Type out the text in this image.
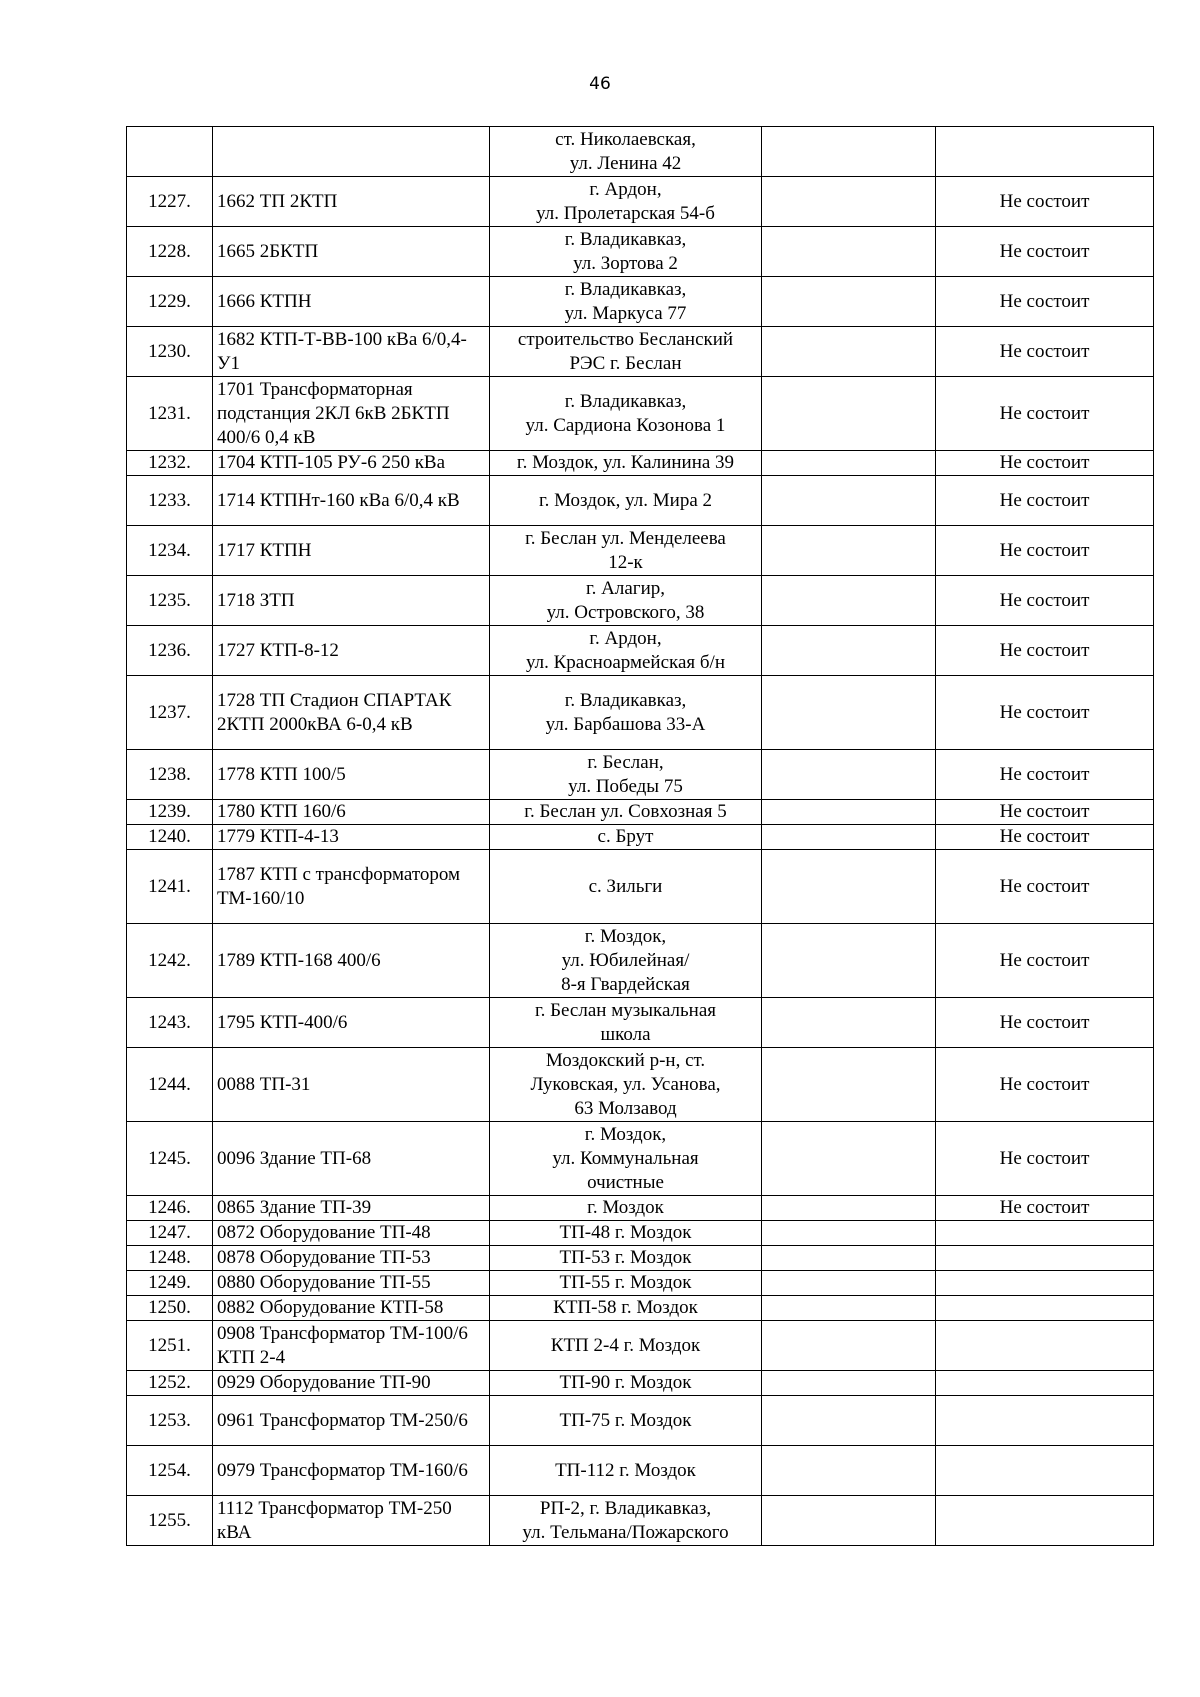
46
		ст. Николаевская,
ул. Ленина 42		
1227.	1662 ТП 2КТП	г. Ардон,
ул. Пролетарская 54-б		Не состоит
1228.	1665 2БКТП	г. Владикавказ,
ул. Зортова 2		Не состоит
1229.	1666 КТПН	г. Владикавказ,
ул. Маркуса 77		Не состоит
1230.	1682 КТП-Т-ВВ-100 кВа 6/0,4-У1	строительство Бесланский
РЭС г. Беслан		Не состоит
1231.	1701 Трансформаторная подстанция 2КЛ 6кВ 2БКТП 400/6 0,4 кВ	г. Владикавказ,
ул. Сардиона Козонова 1		Не состоит
1232.	1704 КТП-105 РУ-6 250 кВа	г. Моздок, ул. Калинина 39		Не состоит
1233.	1714 КТПНт-160 кВа 6/0,4 кВ	г. Моздок, ул. Мира 2		Не состоит
1234.	1717 КТПН	г. Беслан ул. Менделеева
12-к		Не состоит
1235.	1718 ЗТП	г. Алагир,
ул. Островского, 38		Не состоит
1236.	1727 КТП-8-12	г. Ардон,
ул. Красноармейская б/н		Не состоит
1237.	1728 ТП Стадион СПАРТАК 2КТП 2000кВА 6-0,4 кВ	г. Владикавказ,
ул. Барбашова 33-А		Не состоит
1238.	1778 КТП 100/5	г. Беслан,
ул. Победы 75		Не состоит
1239.	1780 КТП 160/6	г. Беслан ул. Совхозная 5		Не состоит
1240.	1779 КТП-4-13	с. Брут		Не состоит
1241.	1787 КТП с трансформатором ТМ-160/10	с. Зильги		Не состоит
1242.	1789 КТП-168 400/6	г. Моздок,
ул. Юбилейная/
8-я Гвардейская		Не состоит
1243.	1795 КТП-400/6	г. Беслан музыкальная
школа		Не состоит
1244.	0088 ТП-31	Моздокский р-н, ст.
Луковская, ул. Усанова,
63 Молзавод		Не состоит
1245.	0096 Здание ТП-68	г. Моздок,
ул. Коммунальная
очистные		Не состоит
1246.	0865 Здание ТП-39	г. Моздок		Не состоит
1247.	0872 Оборудование ТП-48	ТП-48 г. Моздок		
1248.	0878 Оборудование ТП-53	ТП-53 г. Моздок		
1249.	0880 Оборудование ТП-55	ТП-55 г. Моздок		
1250.	0882 Оборудование КТП-58	КТП-58 г. Моздок		
1251.	0908 Трансформатор ТМ-100/6 КТП 2-4	КТП 2-4 г. Моздок		
1252.	0929 Оборудование ТП-90	ТП-90 г. Моздок		
1253.	0961 Трансформатор ТМ-250/6	ТП-75 г. Моздок		
1254.	0979 Трансформатор ТМ-160/6	ТП-112 г. Моздок		
1255.	1112 Трансформатор ТМ-250 кВА	РП-2, г. Владикавказ,
ул. Тельмана/Пожарского		
